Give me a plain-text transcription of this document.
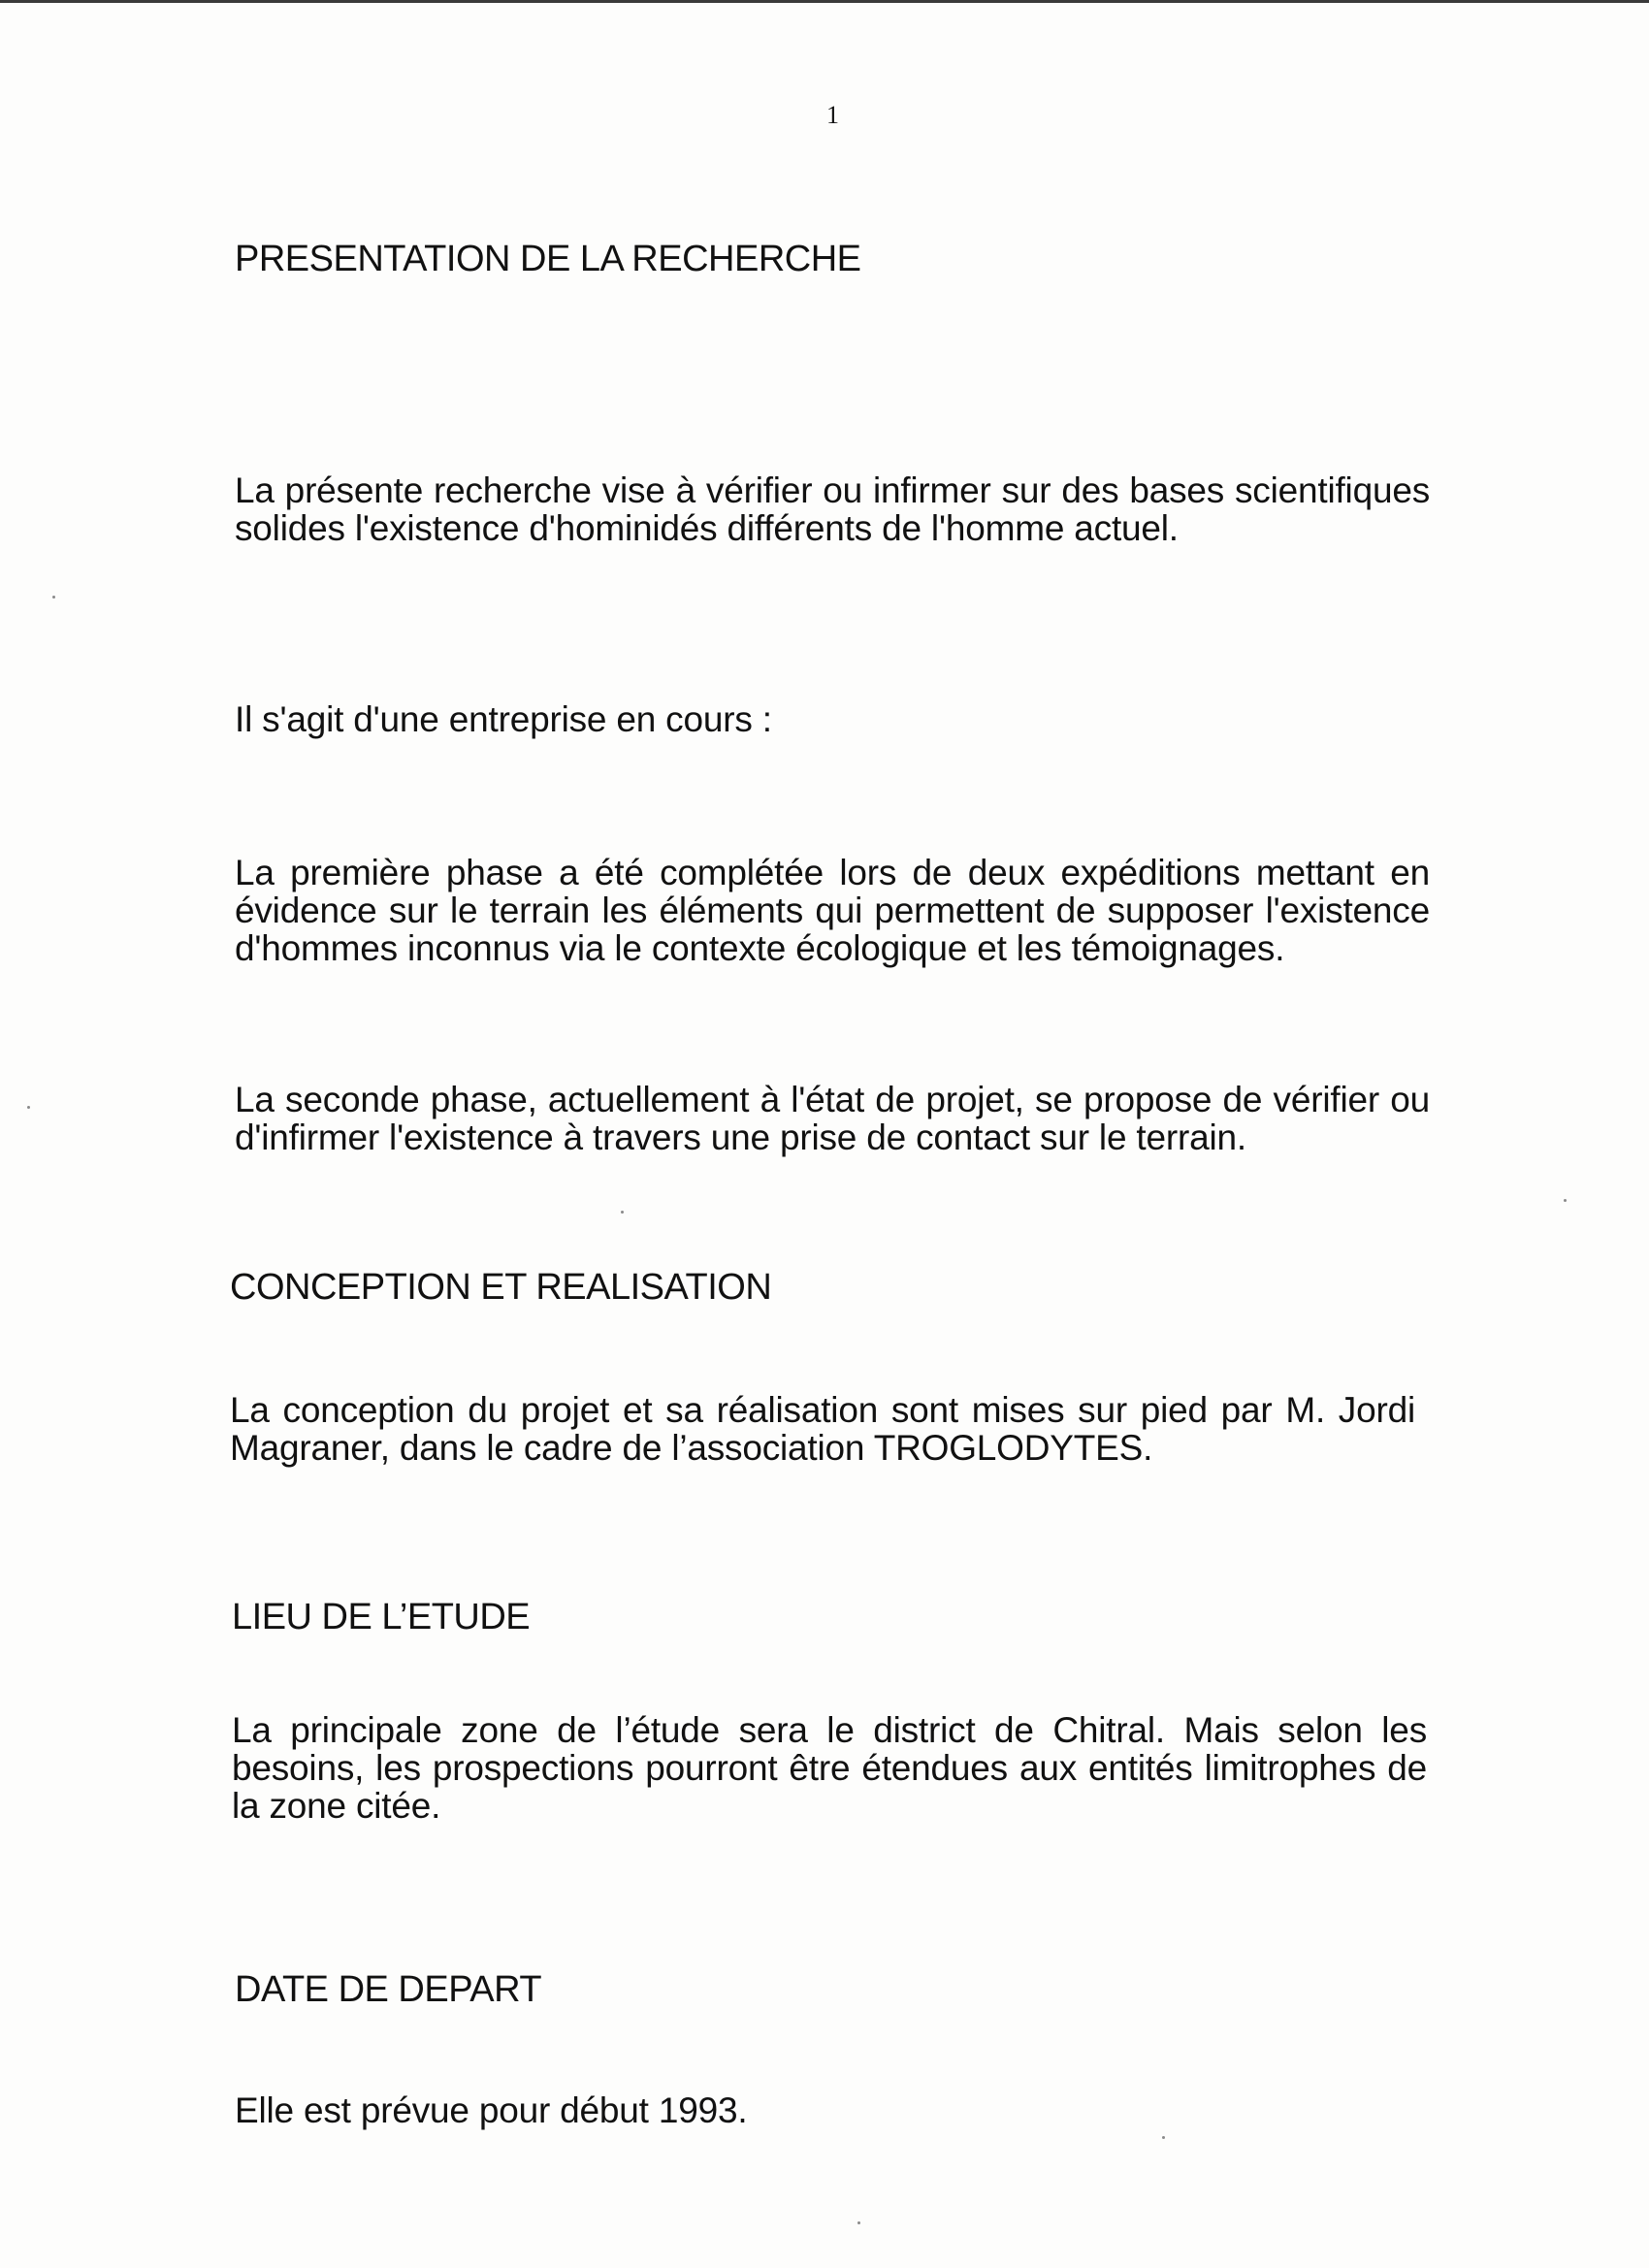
1
PRESENTATION DE LA RECHERCHE
La présente recherche vise à vérifier ou infirmer sur des bases scientifiques solides l'existence d'hominidés différents de l'homme actuel.
Il s'agit d'une entreprise en cours :
La première phase a été complétée lors de deux expéditions mettant en évidence sur le terrain les éléments qui permettent de supposer l'existence d'hommes inconnus via le contexte écologique et les témoignages.
La seconde phase, actuellement à l'état de projet, se propose de vérifier ou d'infirmer l'existence à travers une prise de contact sur le terrain.
CONCEPTION ET REALISATION
La conception du projet et sa réalisation sont mises sur pied par M. Jordi Magraner, dans le cadre de l’association TROGLODYTES.
LIEU DE L’ETUDE
La principale zone de l’étude sera le district de Chitral. Mais selon les besoins, les prospections pourront être étendues aux entités limitrophes de la zone citée.
DATE DE DEPART
Elle est prévue pour début 1993.
